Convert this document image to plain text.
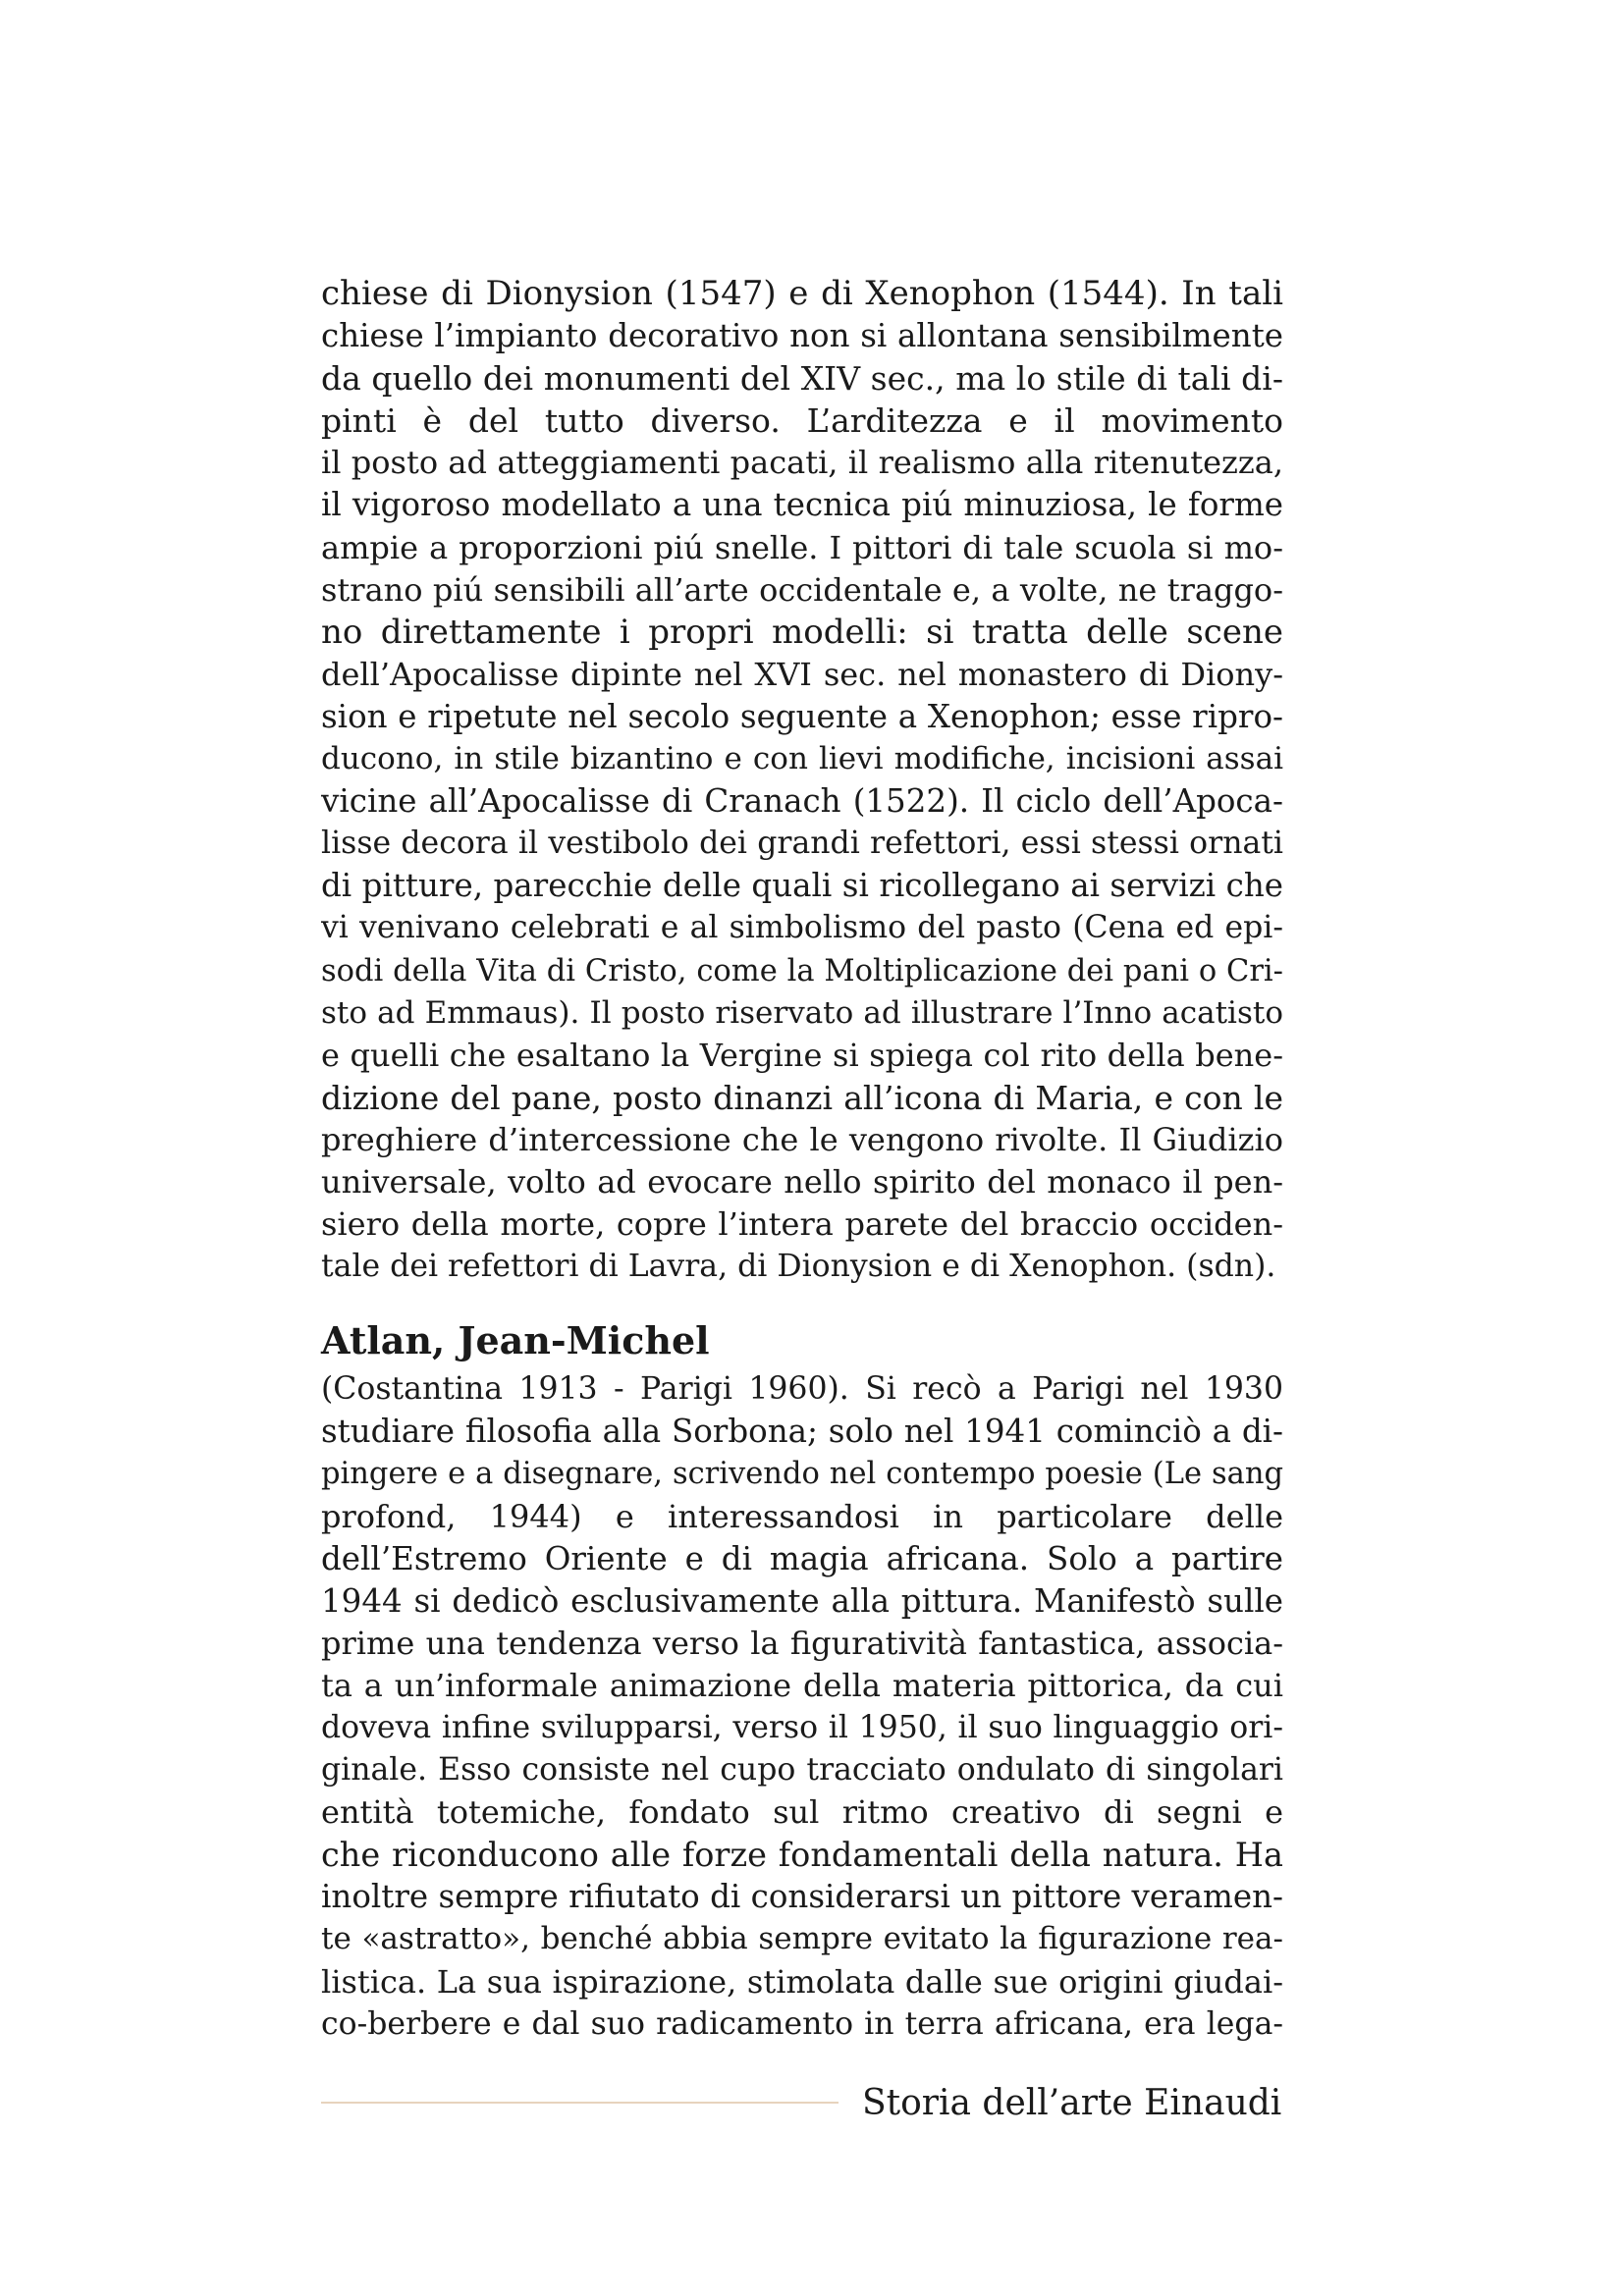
chiese di Dionysion (1547) e di Xenophon (1544). In tali
chiese l’impianto decorativo non si allontana sensibilmente
da quello dei monumenti del XIV sec., ma lo stile di tali di-
pinti è del tutto diverso. L’arditezza e il movimento
il posto ad atteggiamenti pacati, il realismo alla ritenutezza,
il vigoroso modellato a una tecnica piú minuziosa, le forme
ampie a proporzioni piú snelle. I pittori di tale scuola si mo-
strano piú sensibili all’arte occidentale e, a volte, ne traggo-
no direttamente i propri modelli: si tratta delle scene
dell’Apocalisse dipinte nel XVI sec. nel monastero di Diony-
sion e ripetute nel secolo seguente a Xenophon; esse ripro-
ducono, in stile bizantino e con lievi modifiche, incisioni assai
vicine all’Apocalisse di Cranach (1522). Il ciclo dell’Apoca-
lisse decora il vestibolo dei grandi refettori, essi stessi ornati
di pitture, parecchie delle quali si ricollegano ai servizi che
vi venivano celebrati e al simbolismo del pasto (Cena ed epi-
sodi della Vita di Cristo, come la Moltiplicazione dei pani o Cri-
sto ad Emmaus). Il posto riservato ad illustrare l’Inno acatisto
e quelli che esaltano la Vergine si spiega col rito della bene-
dizione del pane, posto dinanzi all’icona di Maria, e con le
preghiere d’intercessione che le vengono rivolte. Il Giudizio
universale, volto ad evocare nello spirito del monaco il pen-
siero della morte, copre l’intera parete del braccio occiden-
tale dei refettori di Lavra, di Dionysion e di Xenophon. (sdn).
Atlan, Jean-Michel
(Costantina 1913 - Parigi 1960). Si recò a Parigi nel 1930
studiare filosofia alla Sorbona; solo nel 1941 cominciò a di-
pingere e a disegnare, scrivendo nel contempo poesie (Le sang
profond, 1944) e interessandosi in particolare delle
dell’Estremo Oriente e di magia africana. Solo a partire
1944 si dedicò esclusivamente alla pittura. Manifestò sulle
prime una tendenza verso la figuratività fantastica, associa-
ta a un’informale animazione della materia pittorica, da cui
doveva infine svilupparsi, verso il 1950, il suo linguaggio ori-
ginale. Esso consiste nel cupo tracciato ondulato di singolari
entità totemiche, fondato sul ritmo creativo di segni e
che riconducono alle forze fondamentali della natura. Ha
inoltre sempre rifiutato di considerarsi un pittore veramen-
te «astratto», benché abbia sempre evitato la figurazione rea-
listica. La sua ispirazione, stimolata dalle sue origini giudai-
co-berbere e dal suo radicamento in terra africana, era lega-
Storia dell’arte Einaudi
